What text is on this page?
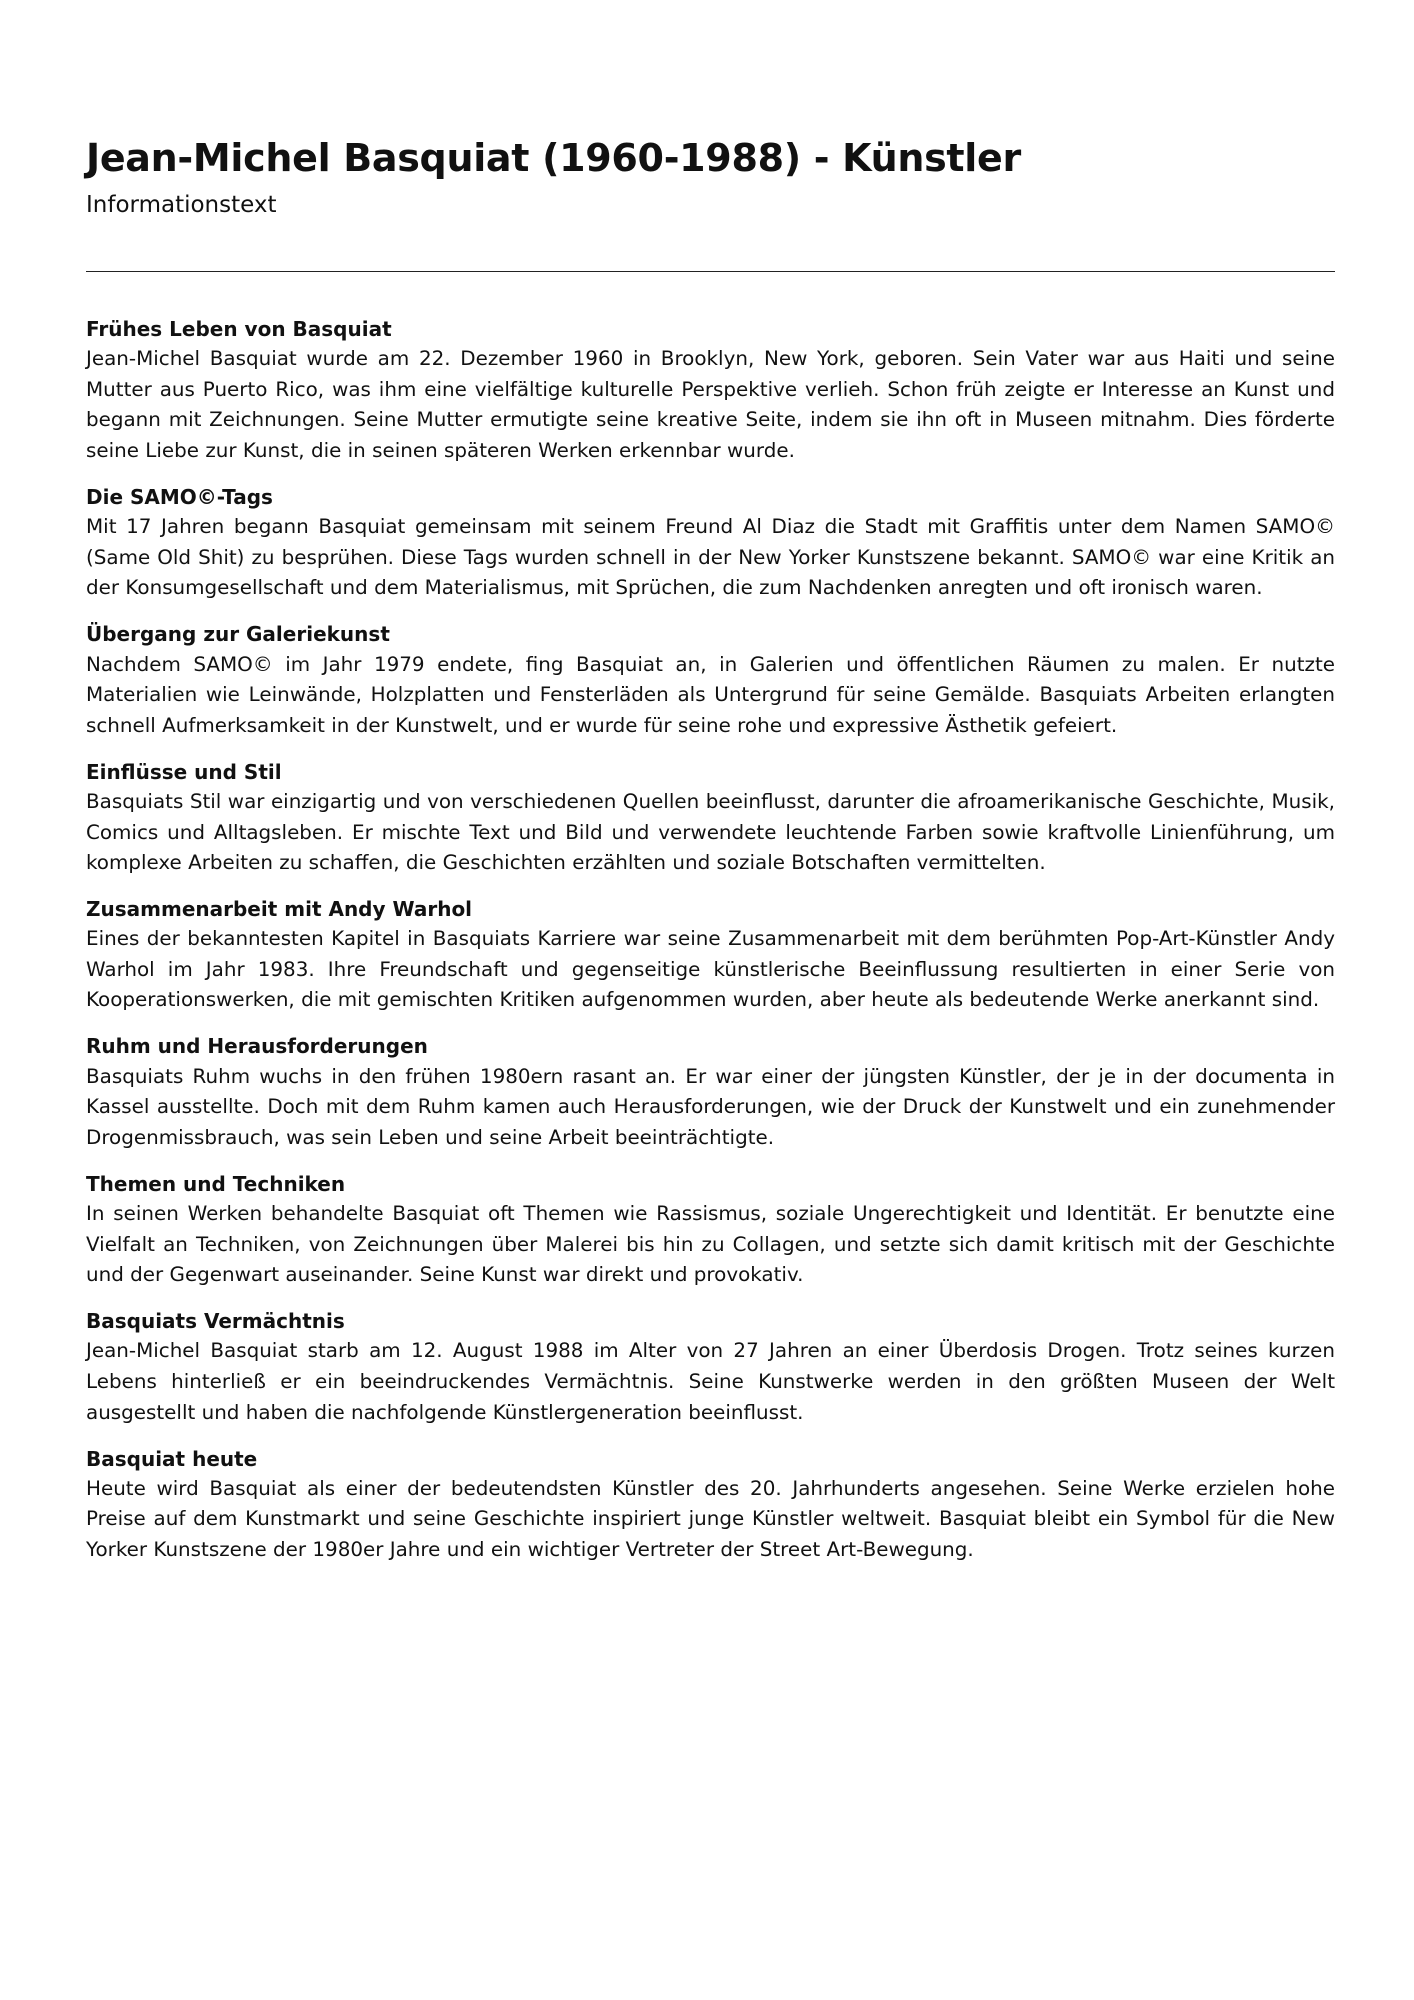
Jean-Michel Basquiat (1960-1988) - Künstler
Informationstext
Frühes Leben von Basquiat

Jean-Michel Basquiat wurde am 22. Dezember 1960 in Brooklyn, New York, geboren. Sein Vater war aus Haiti und seine Mutter aus Puerto Rico, was ihm eine vielfältige kulturelle Perspektive verlieh. Schon früh zeigte er Interesse an Kunst und begann mit Zeichnungen. Seine Mutter ermutigte seine kreative Seite, indem sie ihn oft in Museen mitnahm. Dies förderte seine Liebe zur Kunst, die in seinen späteren Werken erkennbar wurde.

Die SAMO©-Tags

Mit 17 Jahren begann Basquiat gemeinsam mit seinem Freund Al Diaz die Stadt mit Graffitis unter dem Namen SAMO© (Same Old Shit) zu besprühen. Diese Tags wurden schnell in der New Yorker Kunstszene bekannt. SAMO© war eine Kritik an der Konsumgesellschaft und dem Materialismus, mit Sprüchen, die zum Nachdenken anregten und oft ironisch waren.

Übergang zur Galeriekunst

Nachdem SAMO© im Jahr 1979 endete, fing Basquiat an, in Galerien und öffentlichen Räumen zu malen. Er nutzte Materialien wie Leinwände, Holzplatten und Fensterläden als Untergrund für seine Gemälde. Basquiats Arbeiten erlangten schnell Aufmerksamkeit in der Kunstwelt, und er wurde für seine rohe und expressive Ästhetik gefeiert.

Einflüsse und Stil

Basquiats Stil war einzigartig und von verschiedenen Quellen beeinflusst, darunter die afroamerikanische Geschichte, Musik, Comics und Alltagsleben. Er mischte Text und Bild und verwendete leuchtende Farben sowie kraftvolle Linienführung, um komplexe Arbeiten zu schaffen, die Geschichten erzählten und soziale Botschaften vermittelten.

Zusammenarbeit mit Andy Warhol

Eines der bekanntesten Kapitel in Basquiats Karriere war seine Zusammenarbeit mit dem berühmten Pop-Art-Künstler Andy Warhol im Jahr 1983. Ihre Freundschaft und gegenseitige künstlerische Beeinflussung resultierten in einer Serie von Kooperationswerken, die mit gemischten Kritiken aufgenommen wurden, aber heute als bedeutende Werke anerkannt sind.

Ruhm und Herausforderungen

Basquiats Ruhm wuchs in den frühen 1980ern rasant an. Er war einer der jüngsten Künstler, der je in der documenta in Kassel ausstellte. Doch mit dem Ruhm kamen auch Herausforderungen, wie der Druck der Kunstwelt und ein zunehmender Drogenmissbrauch, was sein Leben und seine Arbeit beeinträchtigte.

Themen und Techniken

In seinen Werken behandelte Basquiat oft Themen wie Rassismus, soziale Ungerechtigkeit und Identität. Er benutzte eine Vielfalt an Techniken, von Zeichnungen über Malerei bis hin zu Collagen, und setzte sich damit kritisch mit der Geschichte und der Gegenwart auseinander. Seine Kunst war direkt und provokativ.

Basquiats Vermächtnis

Jean-Michel Basquiat starb am 12. August 1988 im Alter von 27 Jahren an einer Überdosis Drogen. Trotz seines kurzen Lebens hinterließ er ein beeindruckendes Vermächtnis. Seine Kunstwerke werden in den größten Museen der Welt ausgestellt und haben die nachfolgende Künstlergeneration beeinflusst.

Basquiat heute

Heute wird Basquiat als einer der bedeutendsten Künstler des 20. Jahrhunderts angesehen. Seine Werke erzielen hohe Preise auf dem Kunstmarkt und seine Geschichte inspiriert junge Künstler weltweit. Basquiat bleibt ein Symbol für die New Yorker Kunstszene der 1980er Jahre und ein wichtiger Vertreter der Street Art-Bewegung.
